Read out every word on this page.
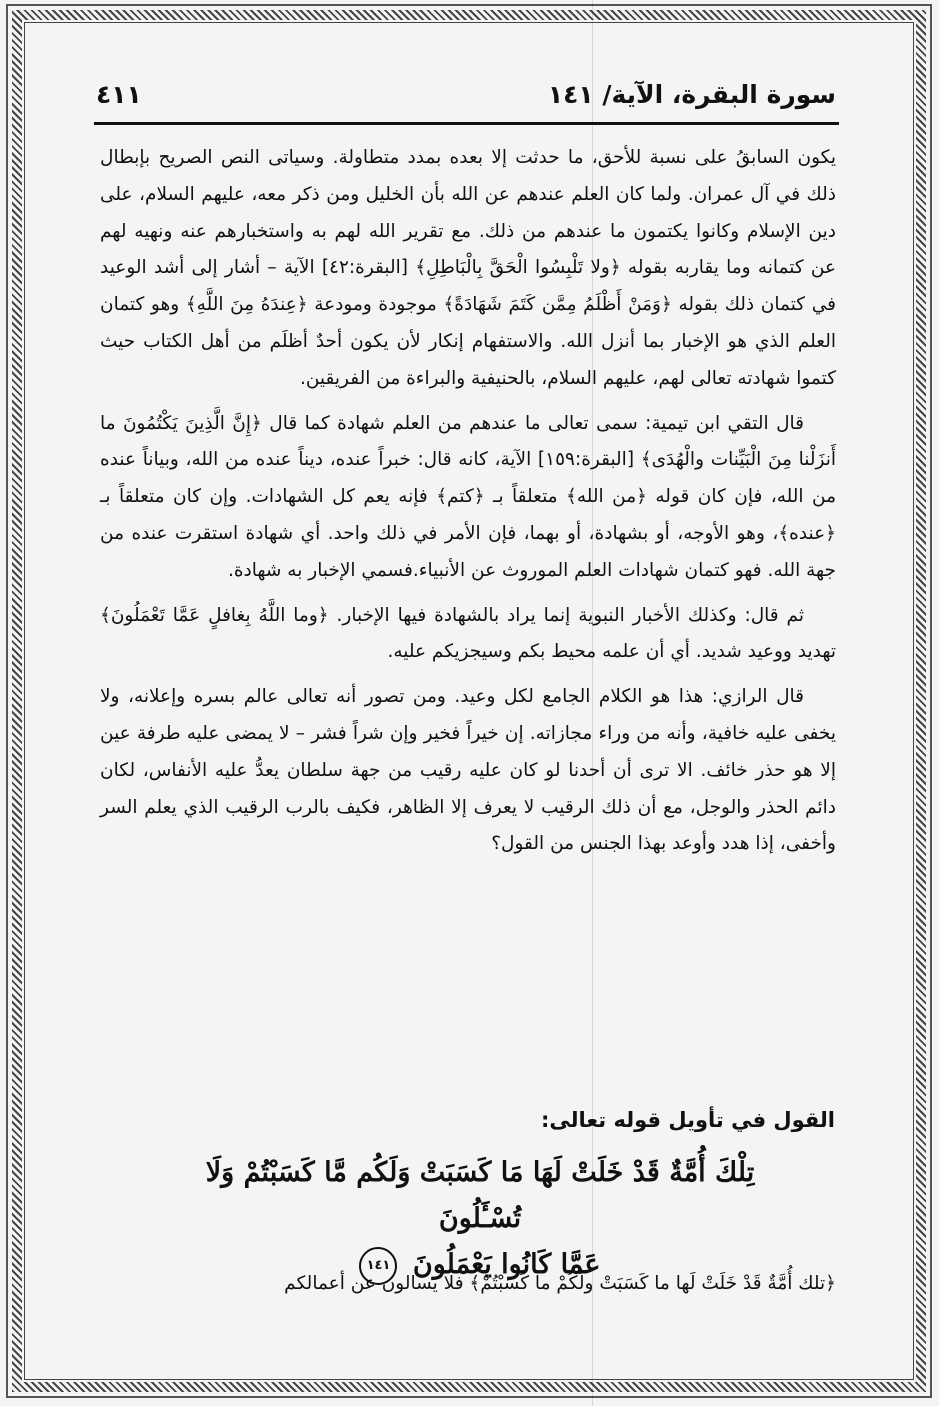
سورة البقرة، الآية/ ١٤١
٤١١

يكون السابقُ على نسبة للأحق، ما حدثت إلا بعده بمدد متطاولة. وسياتى النص الصريح بإبطال ذلك في آل عمران. ولما كان العلم عندهم عن الله بأن الخليل ومن ذكر معه، عليهم السلام، على دين الإسلام وكانوا يكتمون ما عندهم من ذلك. مع تقرير الله لهم به واستخبارهم عنه ونهيه لهم عن كتمانه وما يقاربه بقوله ﴿ولا تَلْبِسُوا الْحَقَّ بِالْبَاطِلِ﴾ [البقرة:٤٢] الآية – أشار إلى أشد الوعيد في كتمان ذلك بقوله ﴿وَمَنْ أَظْلَمُ مِمَّن كَتَمَ شَهَادَةً﴾ موجودة ومودعة ﴿عِندَهُ مِنَ اللَّهِ﴾ وهو كتمان العلم الذي هو الإخبار بما أنزل الله. والاستفهام إنكار لأن يكون أحدٌ أظلَم من أهل الكتاب حيث كتموا شهادته تعالى لهم، عليهم السلام، بالحنيفية والبراءة من الفريقين.

قال التقي ابن تيمية: سمى تعالى ما عندهم من العلم شهادة كما قال ﴿إِنَّ الَّذِينَ يَكْتُمُونَ ما أَنزَلْنا مِنَ الْبَيِّنات والْهُدَى﴾ [البقرة:١٥٩] الآية، كانه قال: خبراً عنده، ديناً عنده من الله، وبياناً عنده من الله، فإن كان قوله ﴿من الله﴾ متعلقاً بـ ﴿كتم﴾ فإنه يعم كل الشهادات. وإن كان متعلقاً بـ ﴿عنده﴾، وهو الأوجه، أو بشهادة، أو بهما، فإن الأمر في ذلك واحد. أي شهادة استقرت عنده من جهة الله. فهو كتمان شهادات العلم الموروث عن الأنبياء.فسمي الإخبار به شهادة.

ثم قال: وكذلك الأخبار النبوية إنما يراد بالشهادة فيها الإخبار. ﴿وما اللَّهُ بِغافلٍ عَمَّا تَعْمَلُونَ﴾ تهديد ووعيد شديد. أي أن علمه محيط بكم وسيجزيكم عليه.

قال الرازي: هذا هو الكلام الجامع لكل وعيد. ومن تصور أنه تعالى عالم بسره وإعلانه، ولا يخفى عليه خافية، وأنه من وراء مجازاته. إن خيراً فخير وإن شراً فشر – لا يمضى عليه طرفة عين إلا هو حذر خائف. الا ترى أن أحدنا لو كان عليه رقيب من جهة سلطان يعدُّ عليه الأنفاس، لكان دائم الحذر والوجل، مع أن ذلك الرقيب لا يعرف إلا الظاهر، فكيف بالرب الرقيب الذي يعلم السر وأخفى، إذا هدد وأوعد بهذا الجنس من القول؟

القول في تأويل قوله تعالى:
تِلْكَ أُمَّةٌ قَدْ خَلَتْ لَهَا مَا كَسَبَتْ وَلَكُم مَّا كَسَبْتُمْ وَلَا تُسْـَٔلُونَ
عَمَّا كَانُوا يَعْمَلُونَ ١٤١
﴿تلك أُمَّةٌ قَدْ خَلَتْ لَها ما كَسَبَتْ ولَكُمْ ما كَسَبْتُمْ﴾ فلا يسالون عن أعمالكم
